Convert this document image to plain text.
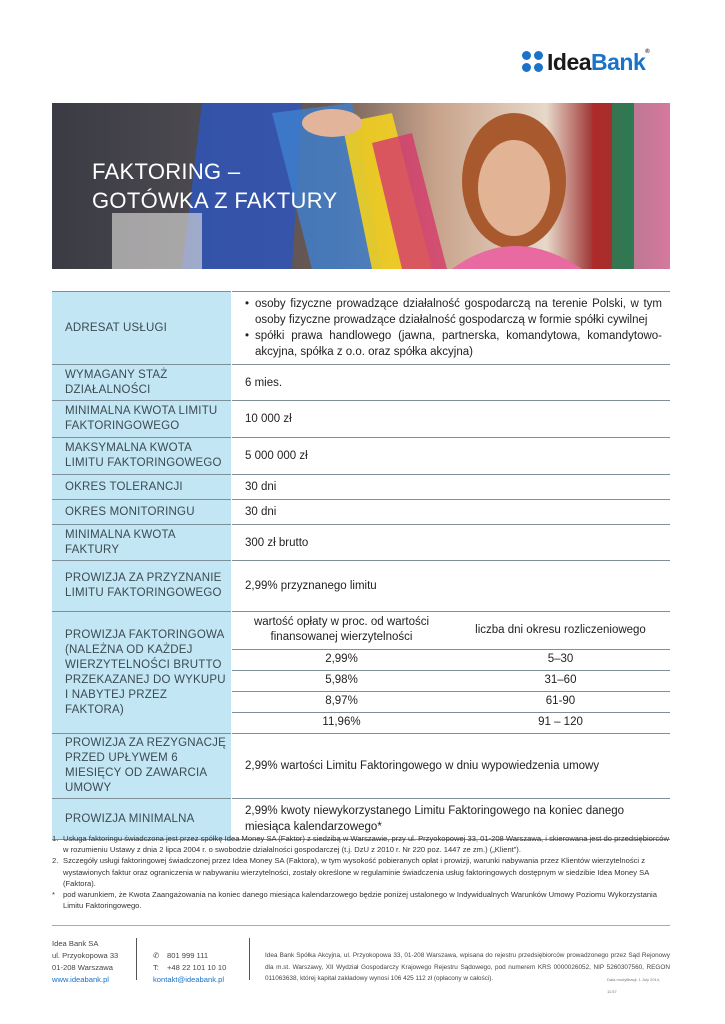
IdeaBank®
FAKTORING –
GOTÓWKA Z FAKTURY
ADRESAT USŁUGI	
• osoby fizyczne prowadzące działalność gospodarczą na terenie Polski, w tym osoby fizyczne prowadzące działalność gospodarczą w formie spółki cywilnej
• spółki prawa handlowego (jawna, partnerska, komandytowa, komandytowo-akcyjna, spółka z o.o. oraz spółka akcyjna)

WYMAGANY STAŻ DZIAŁALNOŚCI	6 mies.
MINIMALNA KWOTA LIMITU FAKTORINGOWEGO	10 000 zł
MAKSYMALNA KWOTA LIMITU FAKTORINGOWEGO	5 000 000 zł
OKRES TOLERANCJI	30 dni
OKRES MONITORINGU	30 dni
MINIMALNA KWOTA FAKTURY	300 zł brutto
PROWIZJA ZA PRZYZNANIE LIMITU FAKTORINGOWEGO	2,99% przyznanego limitu
PROWIZJA FAKTORINGOWA (NALEŻNA OD KAŻDEJ WIERZYTELNOŚCI BRUTTO PRZEKAZANEJ DO WYKUPU I NABYTEJ PRZEZ FAKTORA)	
wartość opłaty w proc. od wartości finansowanej wierzytelności	liczba dni okresu rozliczeniowego
2,99%	5–30
5,98%	31–60
8,97%	61-90
11,96%	91 – 120

PROWIZJA ZA REZYGNACJĘ PRZED UPŁYWEM 6 MIESIĘCY OD ZAWARCIA UMOWY	2,99% wartości Limitu Faktoringowego w dniu wypowiedzenia umowy
PROWIZJA MINIMALNA	2,99% kwoty niewykorzystanego Limitu Faktoringowego na koniec danego miesiąca kalendarzowego*
1. Usługa faktoringu świadczona jest przez spółkę Idea Money SA (Faktor) z siedzibą w Warszawie, przy ul. Przyokopowej 33, 01-208 Warszawa, i skierowana jest do przedsiębiorców w rozumieniu Ustawy z dnia 2 lipca 2004 r. o swobodzie działalności gospodarczej (t.j. DzU z 2010 r. Nr 220 poz. 1447 ze zm.) („Klient”).
2. Szczegóły usługi faktoringowej świadczonej przez Idea Money SA (Faktora), w tym wysokość pobieranych opłat i prowizji, warunki nabywania przez Klientów wierzytelności z wystawionych faktur oraz ograniczenia w nabywaniu wierzytelności, zostały określone w regulaminie świadczenia usług faktoringowych dostępnym w siedzibie Idea Money SA (Faktora).
* pod warunkiem, że Kwota Zaangażowania na koniec danego miesiąca kalendarzowego będzie poniżej ustalonego w Indywidualnych Warunków Umowy Poziomu Wykorzystania Limitu Faktoringowego.
Idea Bank SA
ul. Przyokopowa 33
01-208 Warszawa
www.ideabank.pl
✆ 801 999 111
T: +48 22 101 10 10
kontakt@ideabank.pl
Idea Bank Spółka Akcyjna, ul. Przyokopowa 33, 01-208 Warszawa, wpisana do rejestru przedsiębiorców prowadzonego przez Sąd Rejonowy dla m.st. Warszawy, XII Wydział Gospodarczy Krajowego Rejestru Sądowego, pod numerem KRS 0000026052, NIP 5260307560, REGON 011063638, której kapitał zakładowy wynosi 106 425 112 zł (opłacony w całości).	Data modyfikacji: 1 July 2014, 11:57
